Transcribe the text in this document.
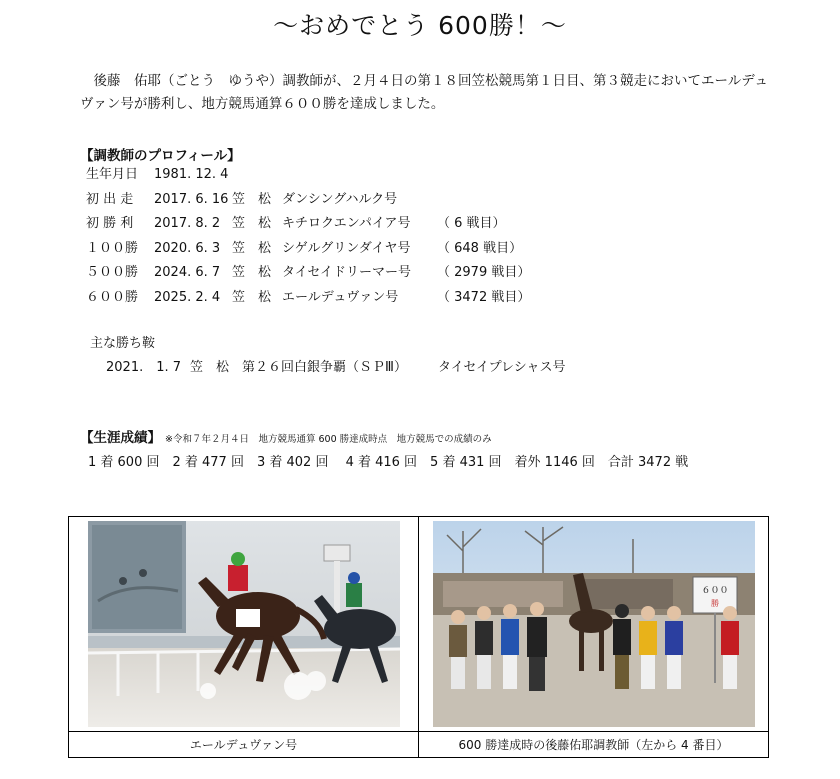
～おめでとう 600勝！～

　後藤　佑耶（ごとう　ゆうや）調教師が、２月４日の第１８回笠松競馬第１日目、第３競走においてエールデュヴァン号が勝利し、地方競馬通算６００勝を達成しました。

【調教師のプロフィール】
生年月日 1981. 12. 4
初 出 走 2017. 6. 16 笠　松 ダンシングハルク号
初 勝 利 2017. 8. 2 笠　松 キチロクエンパイア号 （ 6 戦目）
１００勝 2020. 6. 3 笠　松 シゲルグリンダイヤ号 （ 648 戦目）
５００勝 2024. 6. 7 笠　松 タイセイドリーマー号 （ 2979 戦目）
６００勝 2025. 2. 4 笠　松 エールデュヴァン号	（ 3472 戦目）
主な勝ち鞍
2021.　1. 7 笠　松 第２６回白銀争覇（ＳＰⅢ） タイセイプレシャス号
【生涯成績】 ※令和７年２月４日　地方競馬通算 600 勝達成時点　地方競馬での成績のみ
1 着 600 回　2 着 477 回　3 着 402 回　 4 着 416 回　5 着 431 回　着外 1146 回　合計 3472 戦

６００
勝

エールデュヴァン号	600 勝達成時の後藤佑耶調教師（左から 4 番目）
